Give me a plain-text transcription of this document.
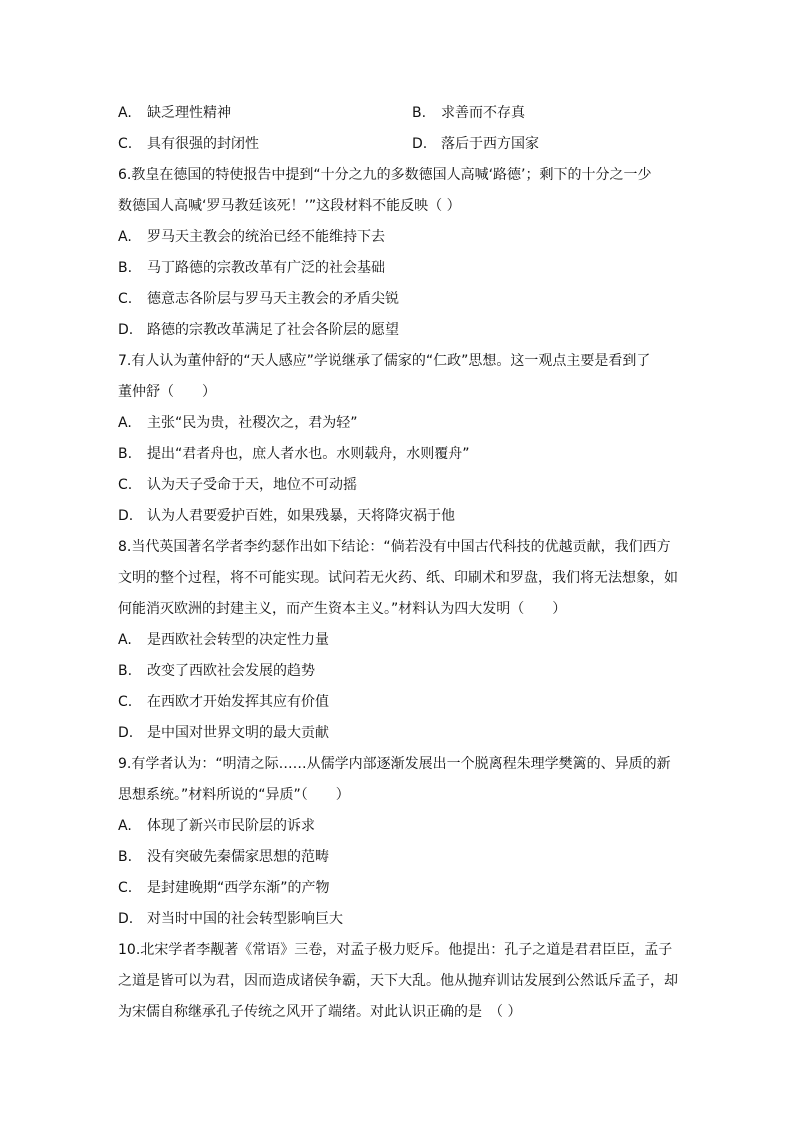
A. 缺乏理性精神	B. 求善而不存真
C. 具有很强的封闭性	D. 落后于西方国家
6.教皇在德国的特使报告中提到“十分之九的多数德国人高喊‘路德’；剩下的十分之一少
数德国人高喊‘罗马教廷该死！’”这段材料不能反映（ ）
A. 罗马天主教会的统治已经不能维持下去
B. 马丁路德的宗教改革有广泛的社会基础
C. 德意志各阶层与罗马天主教会的矛盾尖锐
D. 路德的宗教改革满足了社会各阶层的愿望
7.有人认为董仲舒的“天人感应”学说继承了儒家的“仁政”思想。这一观点主要是看到了
董仲舒（　　）
A. 主张“民为贵，社稷次之，君为轻”
B. 提出“君者舟也，庶人者水也。水则载舟，水则覆舟”
C. 认为天子受命于天，地位不可动摇
D. 认为人君要爱护百姓，如果残暴，天将降灾祸于他
8.当代英国著名学者李约瑟作出如下结论：“倘若没有中国古代科技的优越贡献，我们西方
文明的整个过程，将不可能实现。试问若无火药、纸、印刷术和罗盘，我们将无法想象，如
何能消灭欧洲的封建主义，而产生资本主义。”材料认为四大发明（　　）
A. 是西欧社会转型的决定性力量
B. 改变了西欧社会发展的趋势
C. 在西欧才开始发挥其应有价值
D. 是中国对世界文明的最大贡献
9.有学者认为：“明清之际……从儒学内部逐渐发展出一个脱离程朱理学樊篱的、异质的新
思想系统。”材料所说的“异质”（　　）
A. 体现了新兴市民阶层的诉求
B. 没有突破先秦儒家思想的范畴
C. 是封建晚期“西学东渐”的产物
D. 对当时中国的社会转型影响巨大
10.北宋学者李觏著《常语》三卷，对孟子极力贬斥。他提出：孔子之道是君君臣臣，孟子
之道是皆可以为君，因而造成诸侯争霸，天下大乱。他从抛弃训诂发展到公然诋斥孟子，却
为宋儒自称继承孔子传统之风开了端绪。对此认识正确的是　（ ）
